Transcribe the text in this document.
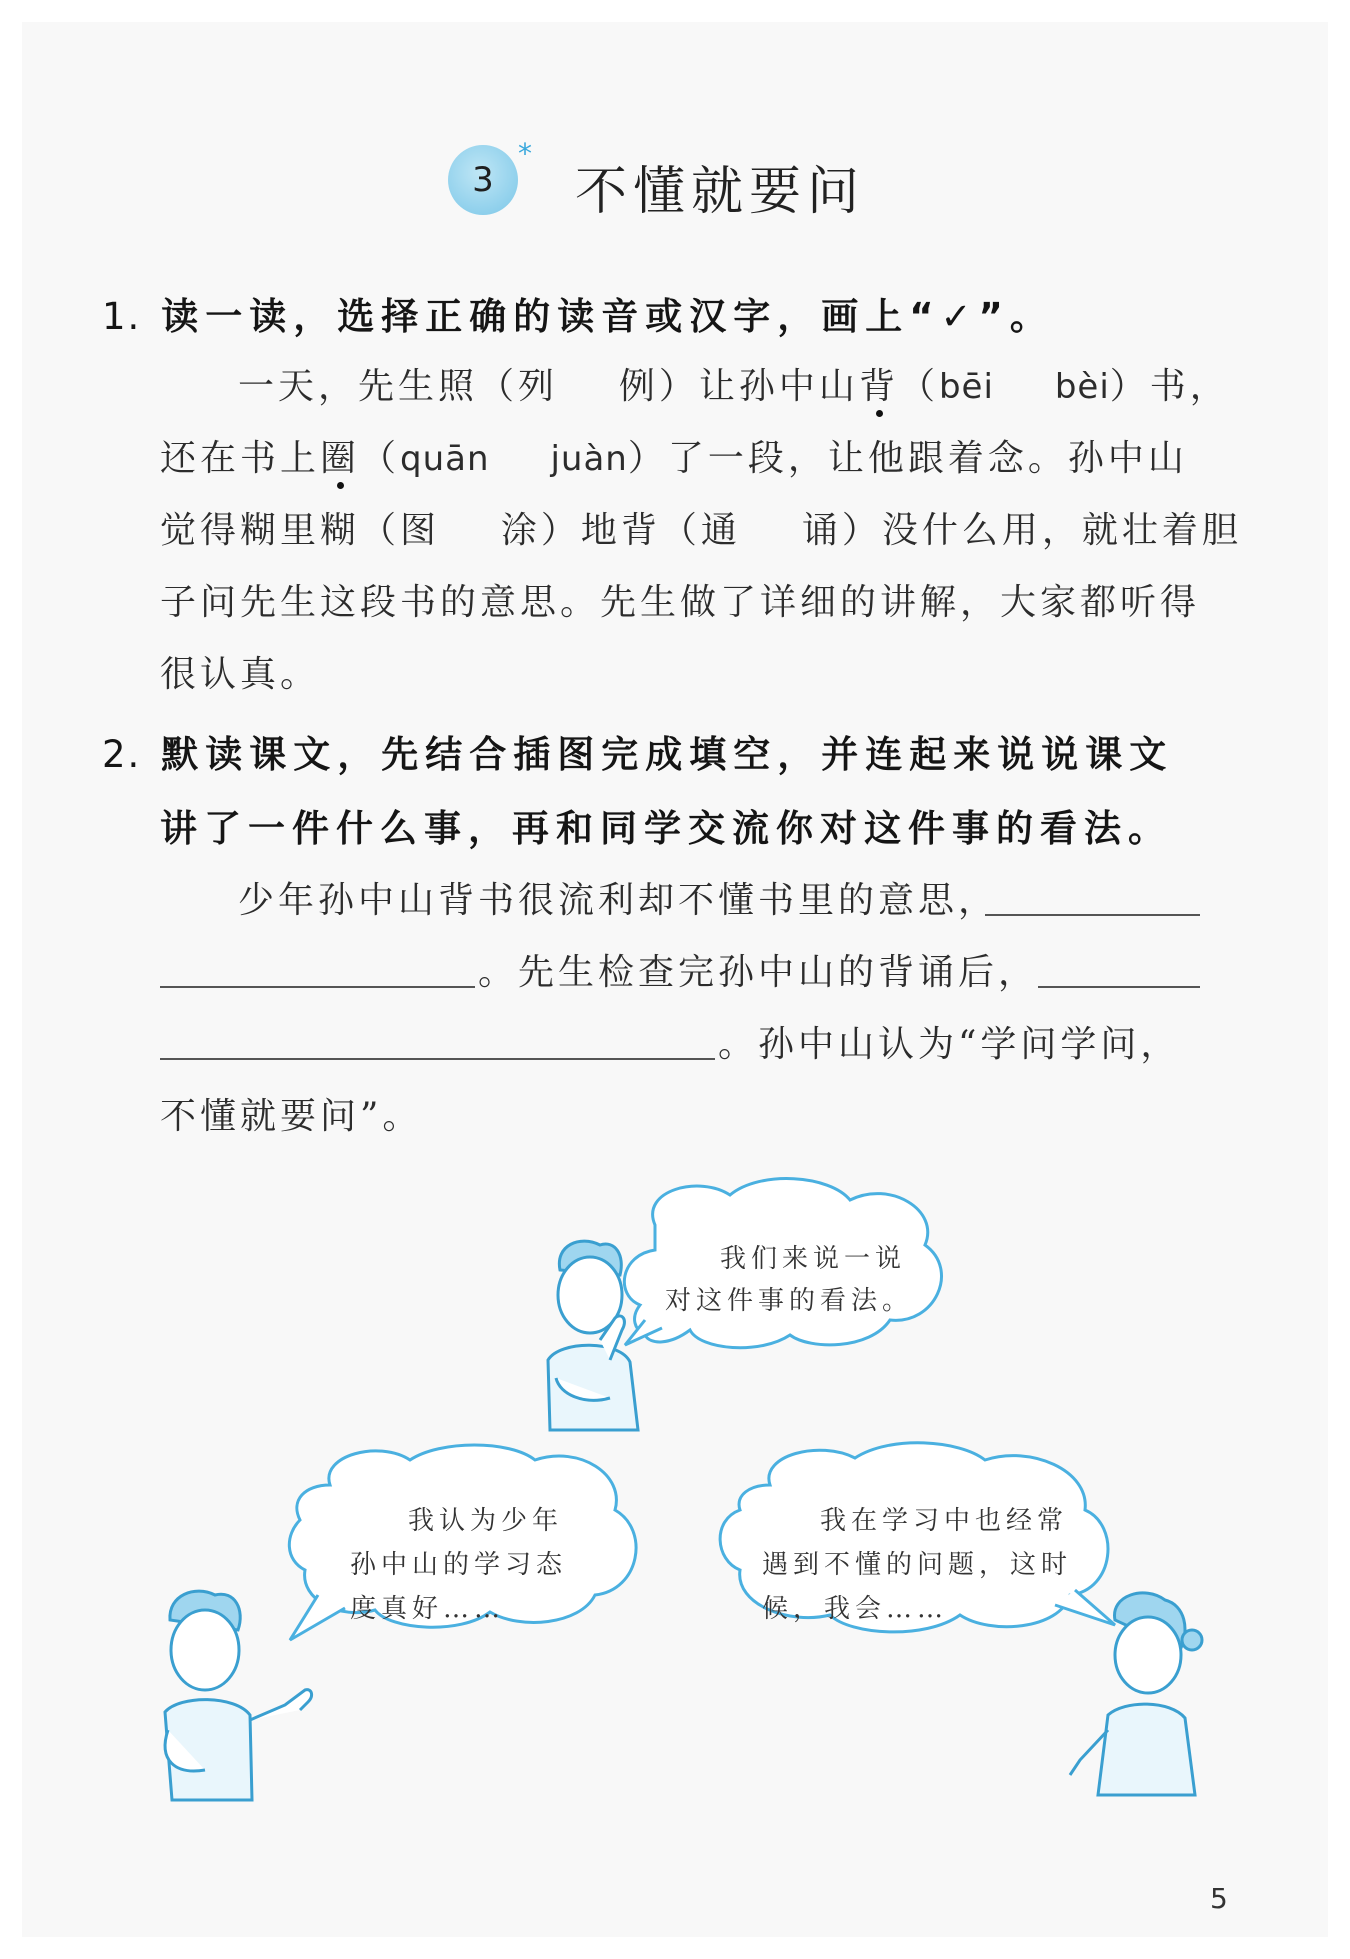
3
*
不懂就要问
1. 读一读，选择正确的读音或汉字，画上“✓”。
一天，先生照（列 例）让孙中山背（bēi bèi）书，
还在书上圈（quān juàn）了一段，让他跟着念。孙中山
觉得糊里糊（图 涂）地背（通 诵）没什么用，就壮着胆
子问先生这段书的意思。先生做了详细的讲解，大家都听得
很认真。
2. 默读课文，先结合插图完成填空，并连起来说说课文
讲了一件什么事，再和同学交流你对这件事的看法。
少年孙中山背书很流利却不懂书里的意思，
。先生检查完孙中山的背诵后，
。孙中山认为“学问学问，
不懂就要问”。
我们来说一说
对这件事的看法。
我认为少年
孙中山的学习态
度真好……
我在学习中也经常
遇到不懂的问题，这时
候，我会……
5
